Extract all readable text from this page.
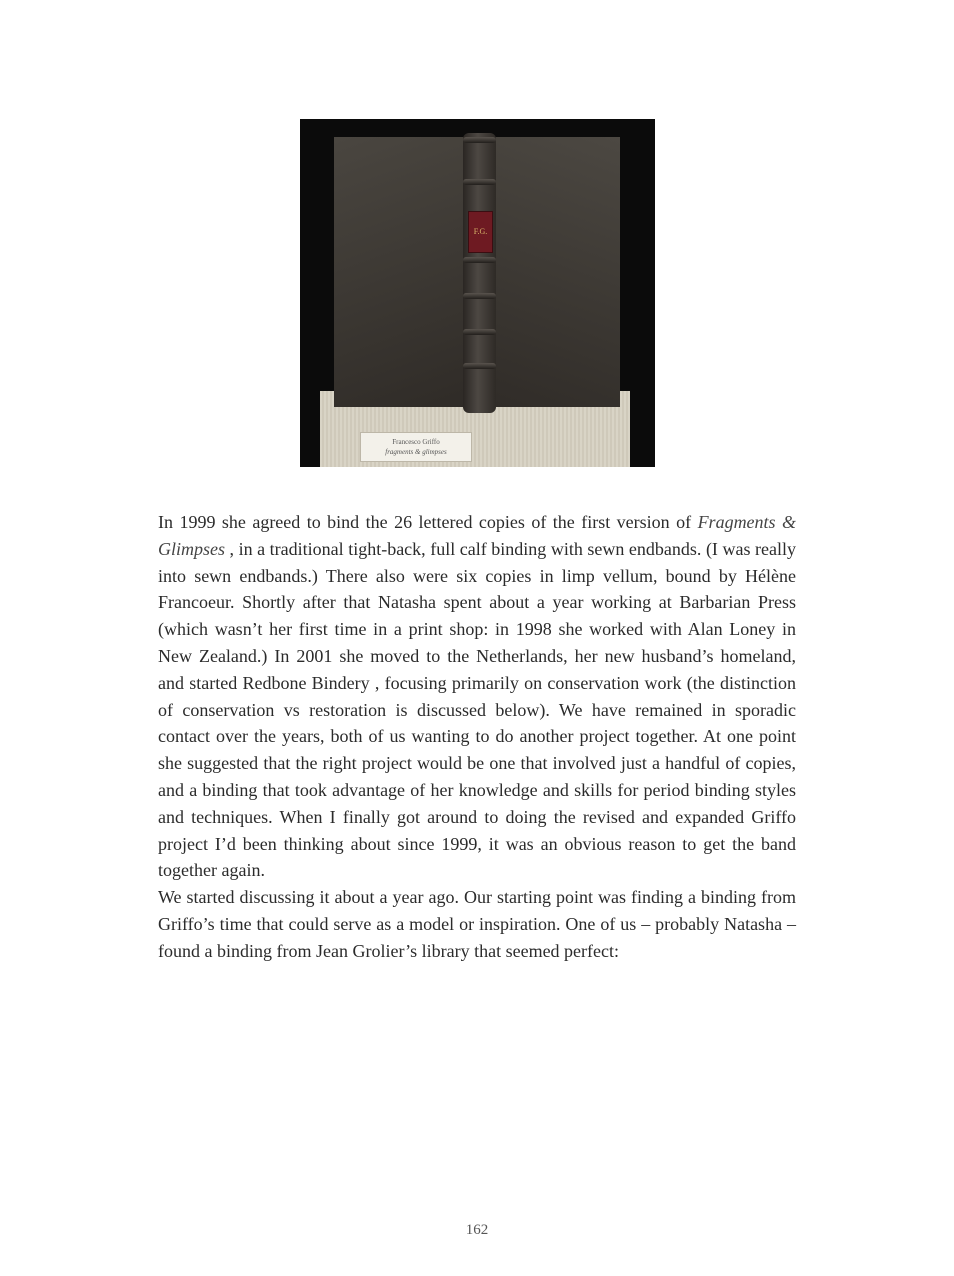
F.G.
Francesco Griffo
fragments & glimpses

In 1999 she agreed to bind the 26 lettered copies of the first version of Fragments & Glimpses , in a traditional tight-back, full calf binding with sewn endbands. (I was really into sewn endbands.) There also were six copies in limp vellum, bound by Hélène Francoeur. Shortly after that Natasha spent about a year working at Barbarian Press (which wasn’t her first time in a print shop: in 1998 she worked with Alan Loney in New Zealand.) In 2001 she moved to the Netherlands, her new husband’s homeland, and started Redbone Bindery , focusing primarily on conservation work (the distinction of conservation vs restoration is discussed below). We have remained in sporadic contact over the years, both of us wanting to do another project together. At one point she suggested that the right project would be one that involved just a handful of copies, and a binding that took advantage of her knowledge and skills for period binding styles and techniques. When I finally got around to doing the revised and expanded Griffo project I’d been thinking about since 1999, it was an obvious reason to get the band together again.

We started discussing it about a year ago. Our starting point was finding a binding from Griffo’s time that could serve as a model or inspiration. One of us – probably Natasha – found a binding from Jean Grolier’s library that seemed perfect:

162
